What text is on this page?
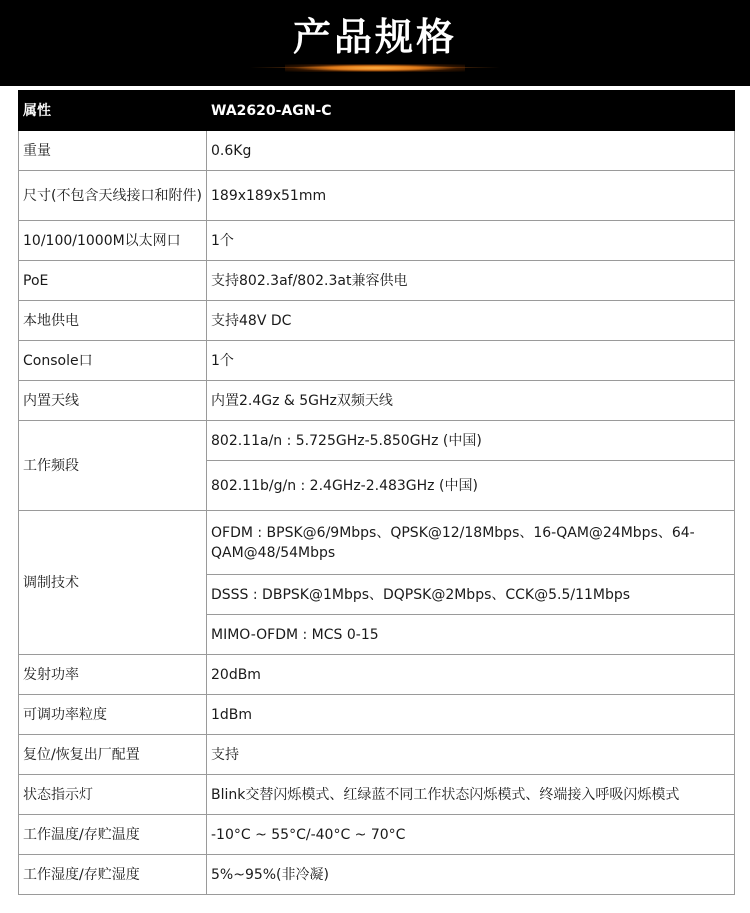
产品规格
属性	WA2620-AGN-C
重量	0.6Kg
尺寸(不包含天线接口和附件)	189x189x51mm
10/100/1000M以太网口	1个
PoE	支持802.3af/802.3at兼容供电
本地供电	支持48V DC
Console口	1个
内置天线	内置2.4Gz & 5GHz双频天线
工作频段	802.11a/n : 5.725GHz-5.850GHz (中国)
	802.11b/g/n : 2.4GHz-2.483GHz (中国)
调制技术	OFDM : BPSK@6/9Mbps、QPSK@12/18Mbps、16-QAM@24Mbps、64-QAM@48/54Mbps
	DSSS : DBPSK@1Mbps、DQPSK@2Mbps、CCK@5.5/11Mbps
	MIMO-OFDM : MCS 0-15
发射功率	20dBm
可调功率粒度	1dBm
复位/恢复出厂配置	支持
状态指示灯	Blink交替闪烁模式、红绿蓝不同工作状态闪烁模式、终端接入呼吸闪烁模式
工作温度/存贮温度	-10°C ~ 55°C/-40°C ~ 70°C
工作湿度/存贮湿度	5%~95%(非冷凝)
